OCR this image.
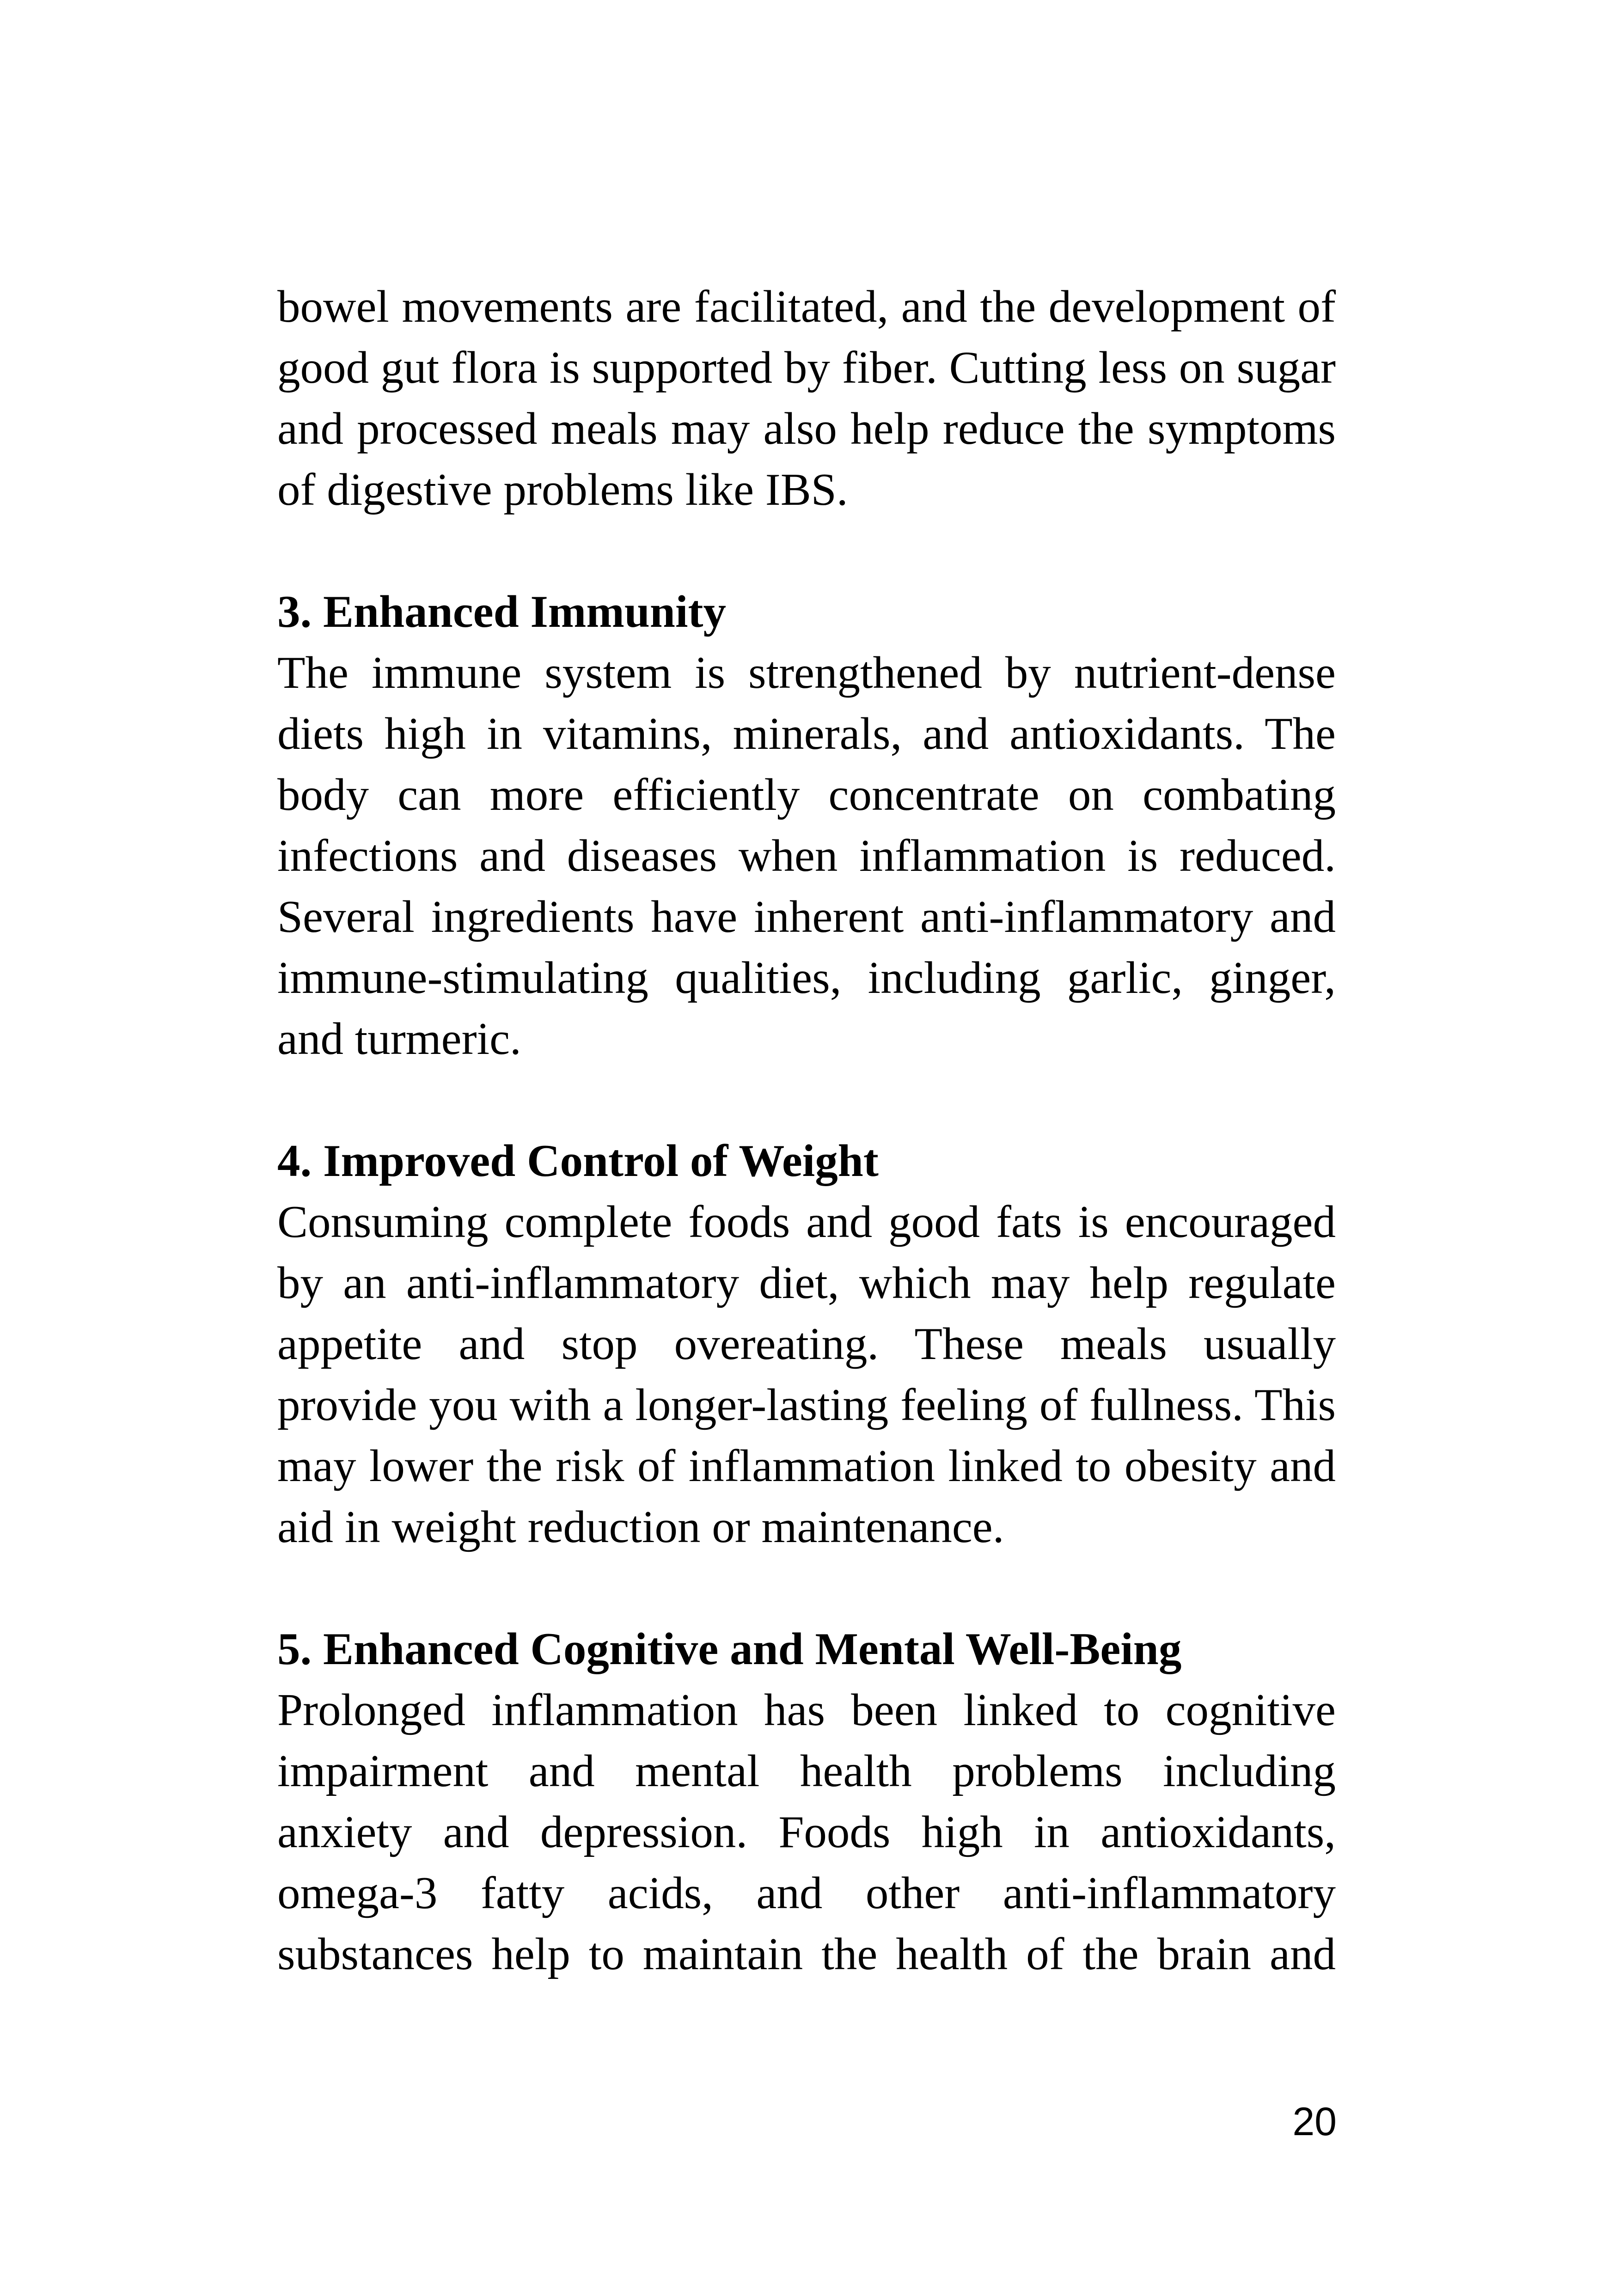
bowel movements are facilitated, and the development of good gut flora is supported by fiber. Cutting less on sugar and processed meals may also help reduce the symptoms of digestive problems like IBS.

3. Enhanced Immunity

The immune system is strengthened by nutrient-dense diets high in vitamins, minerals, and antioxidants. The body can more efficiently concentrate on combating infections and diseases when inflammation is reduced. Several ingredients have inherent anti-inflammatory and immune-stimulating qualities, including garlic, ginger, and turmeric.

4. Improved Control of Weight

Consuming complete foods and good fats is encouraged by an anti-inflammatory diet, which may help regulate appetite and stop overeating. These meals usually provide you with a longer-lasting feeling of fullness. This may lower the risk of inflammation linked to obesity and aid in weight reduction or maintenance.

5. Enhanced Cognitive and Mental Well-Being

Prolonged inflammation has been linked to cognitive impairment and mental health problems including anxiety and depression. Foods high in antioxidants, omega-3 fatty acids, and other anti-inflammatory substances help to maintain the health of the brain and

20
